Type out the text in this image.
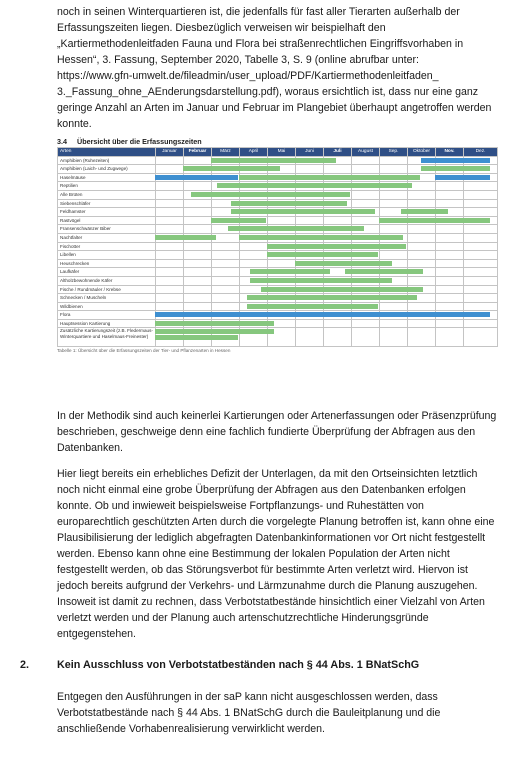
noch in seinen Winterquartieren ist, die jedenfalls für fast aller Tierarten außerhalb der Erfassungszeiten liegen. Diesbezüglich verweisen wir beispielhaft den „Kartiermethodenleitfaden Fauna und Flora bei straßenrechtlichen Eingriffsvorhaben in Hessen“, 3. Fassung, September 2020, Tabelle 3, S. 9 (online abrufbar unter: https://www.gfn-umwelt.de/fileadmin/user_upload/PDF/Kartiermethodenleitfaden_ 3._Fassung_ohne_AEnderungsdarstellung.pdf), woraus ersichtlich ist, dass nur eine ganz geringe Anzahl an Arten im Januar und Februar im Plangebiet überhaupt angetroffen werden konnte.
3.4 Übersicht über die Erfassungszeiten
Arten	Januar	Februar	März	April	Mai	Juni	Juli	August	Sep.	Oktober	Nov.	Dez.
Amphibien (Ruhezeiten)												
Amphibien (Laich- und Zugwege)												
Haselmäuse												
Reptilien												
Alle Brüten												
Siebenschläfer												
Feldhamster												
Rastvögel												
Fransenschwänzer Biber												
Nachtfalter												
Fischotter												
Libellen												
Heuschrecken												
Laufkäfer												
Altholzbewohnende Käfer												
Fische / Rundmäuler / Krebse												
Schnecken / Muscheln												
Wildbienen												
Flora												
Hauptsession Kartierung												
Zusätzliche Kartierungszeit (z.B. Fledermaus-Winterquartiere und Haselmaus-Freinester)												
Tabelle 1: Übersicht über die Erfassungszeiten der Tier- und Pflanzenarten in Hessen
In der Methodik sind auch keinerlei Kartierungen oder Artenerfassungen oder Präsenzprüfung beschrieben, geschweige denn eine fachlich fundierte Überprüfung der Abfragen aus den Datenbanken.
Hier liegt bereits ein erhebliches Defizit der Unterlagen, da mit den Ortseinsichten letztlich noch nicht einmal eine grobe Überprüfung der Abfragen aus den Datenbanken erfolgen konnte. Ob und inwieweit beispielsweise Fortpflanzungs- und Ruhestätten von europarechtlich geschützten Arten durch die vorgelegte Planung betroffen ist, kann ohne eine Plausibilisierung der lediglich abgefragten Datenbankinformationen vor Ort nicht festgestellt werden. Ebenso kann ohne eine Bestimmung der lokalen Population der Arten nicht festgestellt werden, ob das Störungsverbot für bestimmte Arten verletzt wird. Hiervon ist jedoch bereits aufgrund der Verkehrs- und Lärmzunahme durch die Planung auszugehen. Insoweit ist damit zu rechnen, dass Verbotstatbestände hinsichtlich einer Vielzahl von Arten verletzt werden und der Planung auch artenschutzrechtliche Hinderungsgründe entgegenstehen.
2.	Kein Ausschluss von Verbotstatbeständen nach § 44 Abs. 1 BNatSchG
Entgegen den Ausführungen in der saP kann nicht ausgeschlossen werden, dass Verbotstatbestände nach § 44 Abs. 1 BNatSchG durch die Bauleitplanung und die anschließende Vorhabenrealisierung verwirklicht werden.
